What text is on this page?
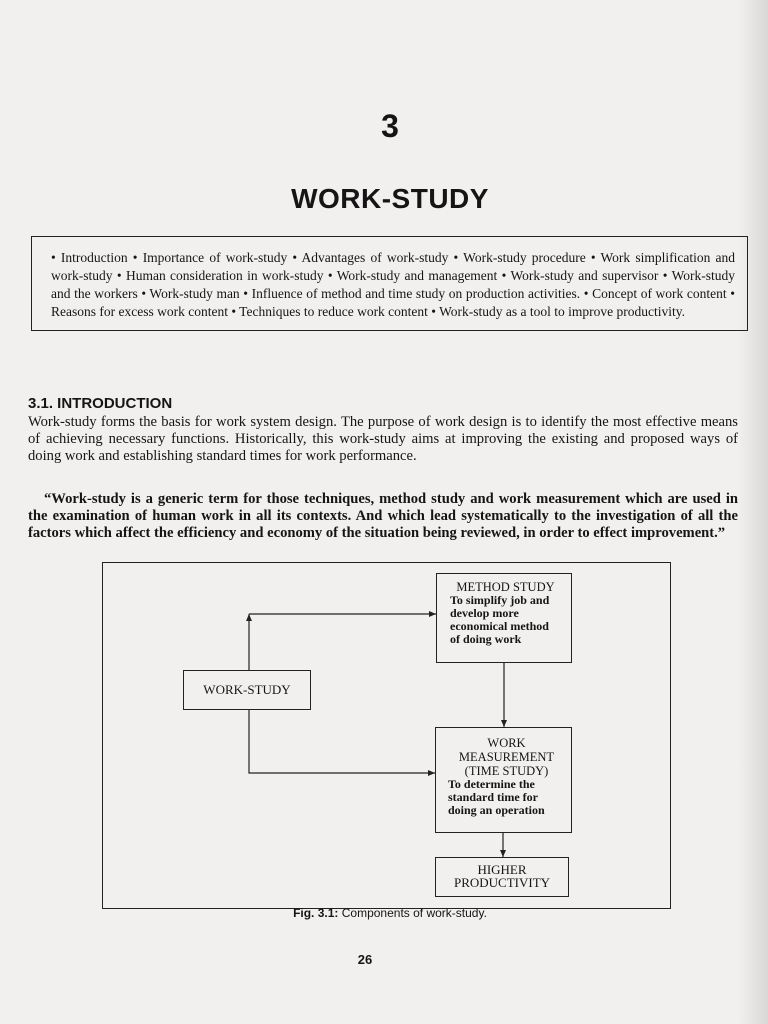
3
WORK-STUDY
• Introduction • Importance of work-study • Advantages of work-study • Work-study procedure • Work simplification and work-study • Human consideration in work-study • Work-study and management • Work-study and supervisor • Work-study and the workers • Work-study man • Influence of method and time study on production activities. • Concept of work content • Reasons for excess work content • Techniques to reduce work content • Work-study as a tool to improve productivity.
3.1. INTRODUCTION
Work-study forms the basis for work system design. The purpose of work design is to identify the most effective means of achieving necessary functions. Historically, this work-study aims at improving the existing and proposed ways of doing work and establishing standard times for work performance.
“Work-study is a generic term for those techniques, method study and work measurement which are used in the examination of human work in all its contexts. And which lead systematically to the investigation of all the factors which affect the efficiency and economy of the situation being reviewed, in order to effect improvement.”
WORK-STUDY
METHOD STUDY
To simplify job and develop more economical method of doing work
WORK
MEASUREMENT
(TIME STUDY)
To determine the standard time for doing an operation
HIGHER
PRODUCTIVITY
Fig. 3.1: Components of work-study.
26
